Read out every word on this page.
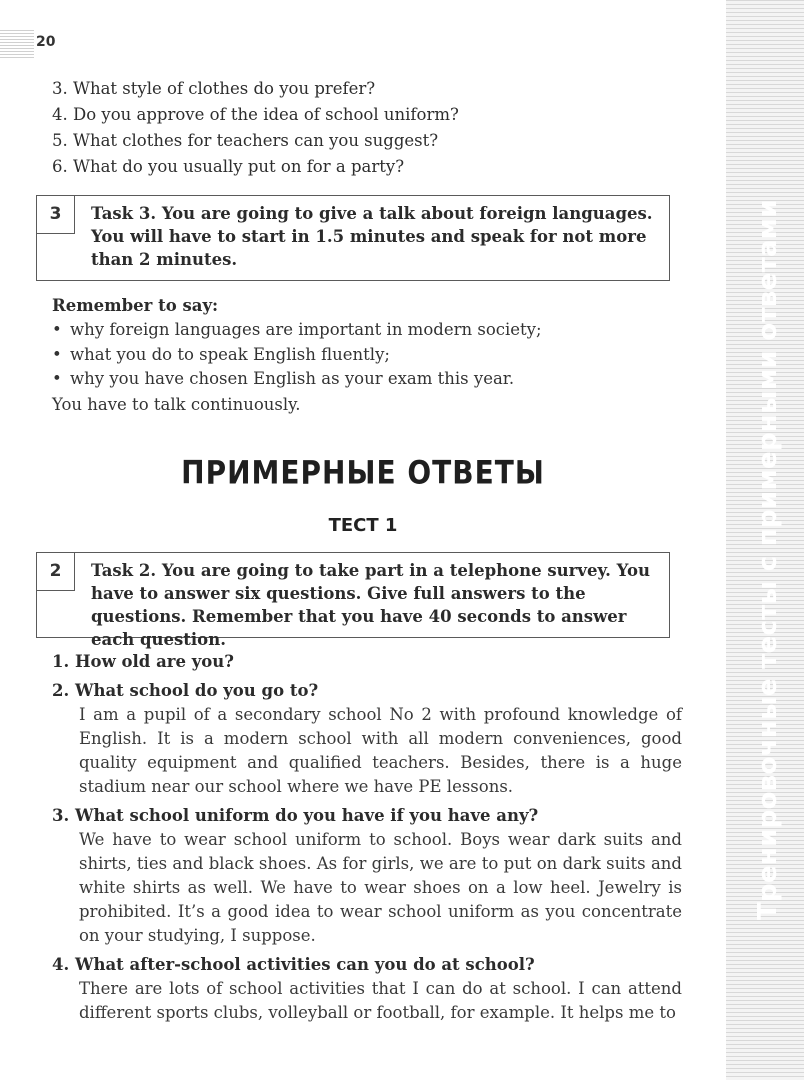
20
Тренировочные тесты с примерными ответами
3. What style of clothes do you prefer?
4. Do you approve of the idea of school uniform?
5. What clothes for teachers can you suggest?
6. What do you usually put on for a party?
3	Task 3. You are going to give a talk about foreign languages. You will have to start in 1.5 minutes and speak for not more than 2 minutes.
Remember to say:
• why foreign languages are important in modern society;
• what you do to speak English fluently;
• why you have chosen English as your exam this year.
You have to talk continuously.
ПРИМЕРНЫЕ ОТВЕТЫ
ТЕСТ 1
2	Task 2. You are going to take part in a telephone survey. You have to answer six questions. Give full answers to the questions. Remember that you have 40 seconds to answer each question.
1. How old are you?
2. What school do you go to?
I am a pupil of a secondary school No 2 with profound knowledge of English. It is a modern school with all modern conveniences, good quality equipment and qualified teachers. Besides, there is a huge stadium near our school where we have PE lessons.
3. What school uniform do you have if you have any?
We have to wear school uniform to school. Boys wear dark suits and shirts, ties and black shoes. As for girls, we are to put on dark suits and white shirts as well. We have to wear shoes on a low heel. Jewelry is prohibited. It’s a good idea to wear school uniform as you concentrate on your studying, I suppose.
4. What after-school activities can you do at school?
There are lots of school activities that I can do at school. I can attend different sports clubs, volleyball or football, for example. It helps me to
